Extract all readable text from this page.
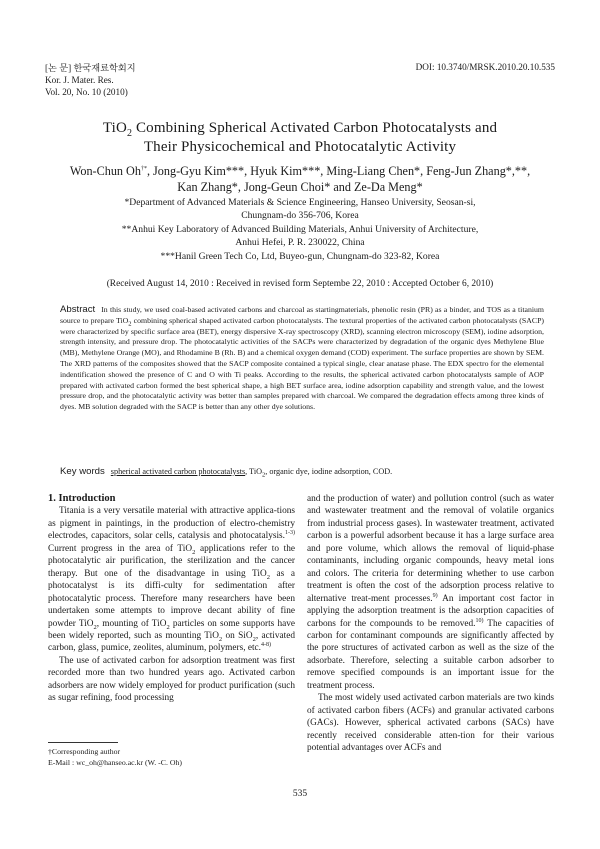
[논 문] 한국재료학회지
Kor. J. Mater. Res.
Vol. 20, No. 10 (2010)
DOI: 10.3740/MRSK.2010.20.10.535
TiO$_2$ Combining Spherical Activated Carbon Photocatalysts and
Their Physicochemical and Photocatalytic Activity
Won-Chun Oh†*, Jong-Gyu Kim***, Hyuk Kim***, Ming-Liang Chen*, Feng-Jun Zhang*,**,
Kan Zhang*, Jong-Geun Choi* and Ze-Da Meng*
*Department of Advanced Materials & Science Engineering, Hanseo University, Seosan-si,
Chungnam-do 356-706, Korea
**Anhui Key Laboratory of Advanced Building Materials, Anhui University of Architecture,
Anhui Hefei, P. R. 230022, China
***Hanil Green Tech Co, Ltd, Buyeo-gun, Chungnam-do 323-82, Korea
(Received August 14, 2010 : Received in revised form Septembe 22, 2010 : Accepted October 6, 2010)
Abstract In this study, we used coal-based activated carbons and charcoal as startingmaterials, phenolic resin (PR) as a binder, and TOS as a titanium source to prepare TiO$_2$ combining spherical shaped activated carbon photocatalysts. The textural properties of the activated carbon photocatalysts (SACP) were characterized by specific surface area (BET), energy dispersive X-ray spectroscopy (XRD), scanning electron microscopy (SEM), iodine adsorption, strength intensity, and pressure drop. The photocatalytic activities of the SACPs were characterized by degradation of the organic dyes Methylene Blue (MB), Methylene Orange (MO), and Rhodamine B (Rh. B) and a chemical oxygen demand (COD) experiment. The surface properties are shown by SEM. The XRD patterns of the composites showed that the SACP composite contained a typical single, clear anatase phase. The EDX spectro for the elemental indentification showed the presence of C and O with Ti peaks. According to the results, the spherical activated carbon photocatalysts sample of AOP prepared with activated carbon formed the best spherical shape, a high BET surface area, iodine adsorption capability and strength value, and the lowest pressure drop, and the photocatalytic activity was better than samples prepared with charcoal. We compared the degradation effects among three kinds of dyes. MB solution degraded with the SACP is better than any other dye solutions.
Key words spherical activated carbon photocatalysts, TiO$_2$, organic dye, iodine adsorption, COD.

1. Introduction

Titania is a very versatile material with attractive applica-tions as pigment in paintings, in the production of electro-chemistry electrodes, capacitors, solar cells, catalysis and photocatalysis.$^{1-3)}$ Current progress in the area of TiO$_2$ applications refer to the photocatalytic air purification, the sterilization and the cancer therapy. But one of the disadvantage in using TiO$_2$ as a photocatalyst is its diffi-culty for sedimentation after photocatalytic process. Therefore many researchers have been undertaken some attempts to improve decant ability of fine powder TiO$_2$, mounting of TiO$_2$ particles on some supports have been widely reported, such as mounting TiO$_2$ on SiO$_2$, activated carbon, glass, pumice, zeolites, aluminum, polymers, etc.$^{4-8)}$

The use of activated carbon for adsorption treatment was first recorded more than two hundred years ago. Activated carbon adsorbers are now widely employed for product purification (such as sugar refining, food processing

and the production of water) and pollution control (such as water and wastewater treatment and the removal of volatile organics from industrial process gases). In wastewater treatment, activated carbon is a powerful adsorbent because it has a large surface area and pore volume, which allows the removal of liquid-phase contaminants, including organic compounds, heavy metal ions and colors. The criteria for determining whether to use carbon treatment is often the cost of the adsorption process relative to alternative treat-ment processes.$^{9)}$ An important cost factor in applying the adsorption treatment is the adsorption capacities of carbons for the compounds to be removed.$^{10)}$ The capacities of carbon for contaminant compounds are significantly affected by the pore structures of activated carbon as well as the size of the adsorbate. Therefore, selecting a suitable carbon adsorber to remove specified compounds is an important issue for the treatment process.

The most widely used activated carbon materials are two kinds of activated carbon fibers (ACFs) and granular activated carbons (GACs). However, spherical activated carbons (SACs) have recently received considerable atten-tion for their various potential advantages over ACFs and

†Corresponding author
E-Mail : wc_oh@hanseo.ac.kr (W. -C. Oh)
535
